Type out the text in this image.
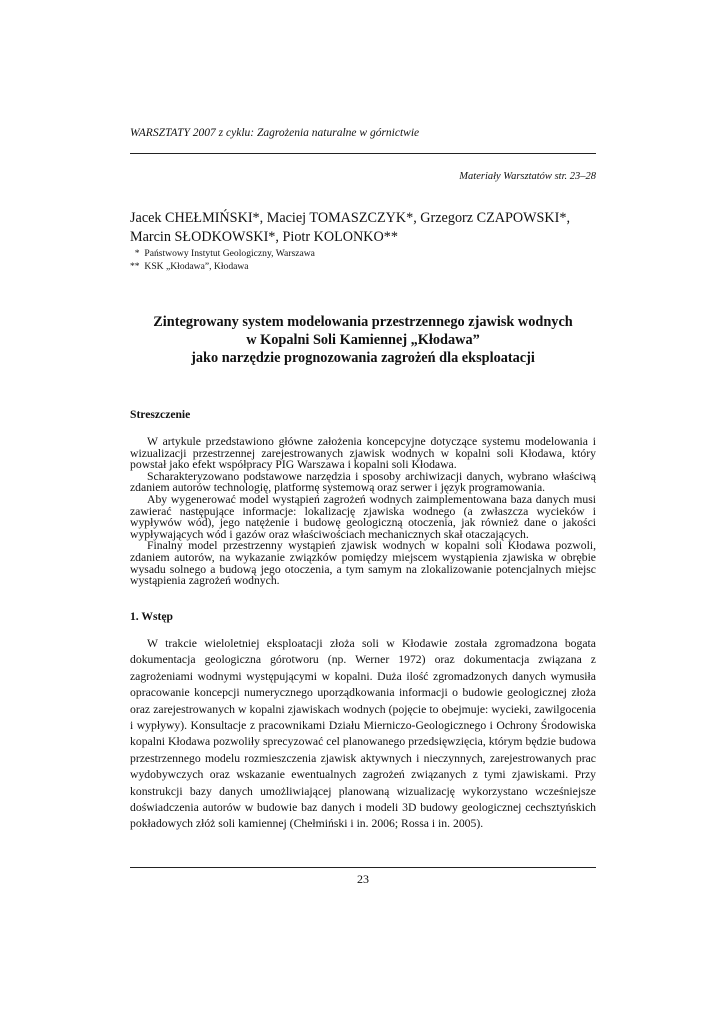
WARSZTATY 2007 z cyklu: Zagrożenia naturalne w górnictwie
Materiały Warsztatów str. 23–28
Jacek CHEŁMIŃSKI*, Maciej TOMASZCZYK*, Grzegorz CZAPOWSKI*,
Marcin SŁODKOWSKI*, Piotr KOLONKO**
*  Państwowy Instytut Geologiczny, Warszawa
**  KSK „Kłodawa”, Kłodawa
Zintegrowany system modelowania przestrzennego zjawisk wodnych
w Kopalni Soli Kamiennej „Kłodawa”
jako narzędzie prognozowania zagrożeń dla eksploatacji
Streszczenie

W artykule przedstawiono główne założenia koncepcyjne dotyczące systemu modelowania i wizualizacji przestrzennej zarejestrowanych zjawisk wodnych w kopalni soli Kłodawa, który powstał jako efekt współpracy PIG Warszawa i kopalni soli Kłodawa.

Scharakteryzowano podstawowe narzędzia i sposoby archiwizacji danych, wybrano właściwą zdaniem autorów technologię, platformę systemową oraz serwer i język programowania.

Aby wygenerować model wystąpień zagrożeń wodnych zaimplementowana baza danych musi zawierać następujące informacje: lokalizację zjawiska wodnego (a zwłaszcza wycieków i wypływów wód), jego natężenie i budowę geologiczną otoczenia, jak również dane o jakości wypływających wód i gazów oraz właściwościach mechanicznych skał otaczających.

Finalny model przestrzenny wystąpień zjawisk wodnych w kopalni soli Kłodawa pozwoli, zdaniem autorów, na wykazanie związków pomiędzy miejscem wystąpienia zjawiska w obrębie wysadu solnego a budową jego otoczenia, a tym samym na zlokalizowanie potencjalnych miejsc wystąpienia zagrożeń wodnych.

1. Wstęp

W trakcie wieloletniej eksploatacji złoża soli w Kłodawie została zgromadzona bogata dokumentacja geologiczna górotworu (np. Werner 1972) oraz dokumentacja związana z zagrożeniami wodnymi występującymi w kopalni. Duża ilość zgromadzonych danych wymusiła opracowanie koncepcji numerycznego uporządkowania informacji o budowie geologicznej złoża oraz zarejestrowanych w kopalni zjawiskach wodnych (pojęcie to obejmuje: wycieki, zawilgocenia i wypływy). Konsultacje z pracownikami Działu Mierniczo-Geologicznego i Ochrony Środowiska kopalni Kłodawa pozwoliły sprecyzować cel planowanego przedsięwzięcia, którym będzie budowa przestrzennego modelu rozmieszczenia zjawisk aktywnych i nieczynnych, zarejestrowanych prac wydobywczych oraz wskazanie ewentualnych zagrożeń związanych z tymi zjawiskami. Przy konstrukcji bazy danych umożliwiającej planowaną wizualizację wykorzystano wcześniejsze doświadczenia autorów w budowie baz danych i modeli 3D budowy geologicznej cechsztyńskich pokładowych złóż soli kamiennej (Chełmiński i in. 2006; Rossa i in. 2005).

23
